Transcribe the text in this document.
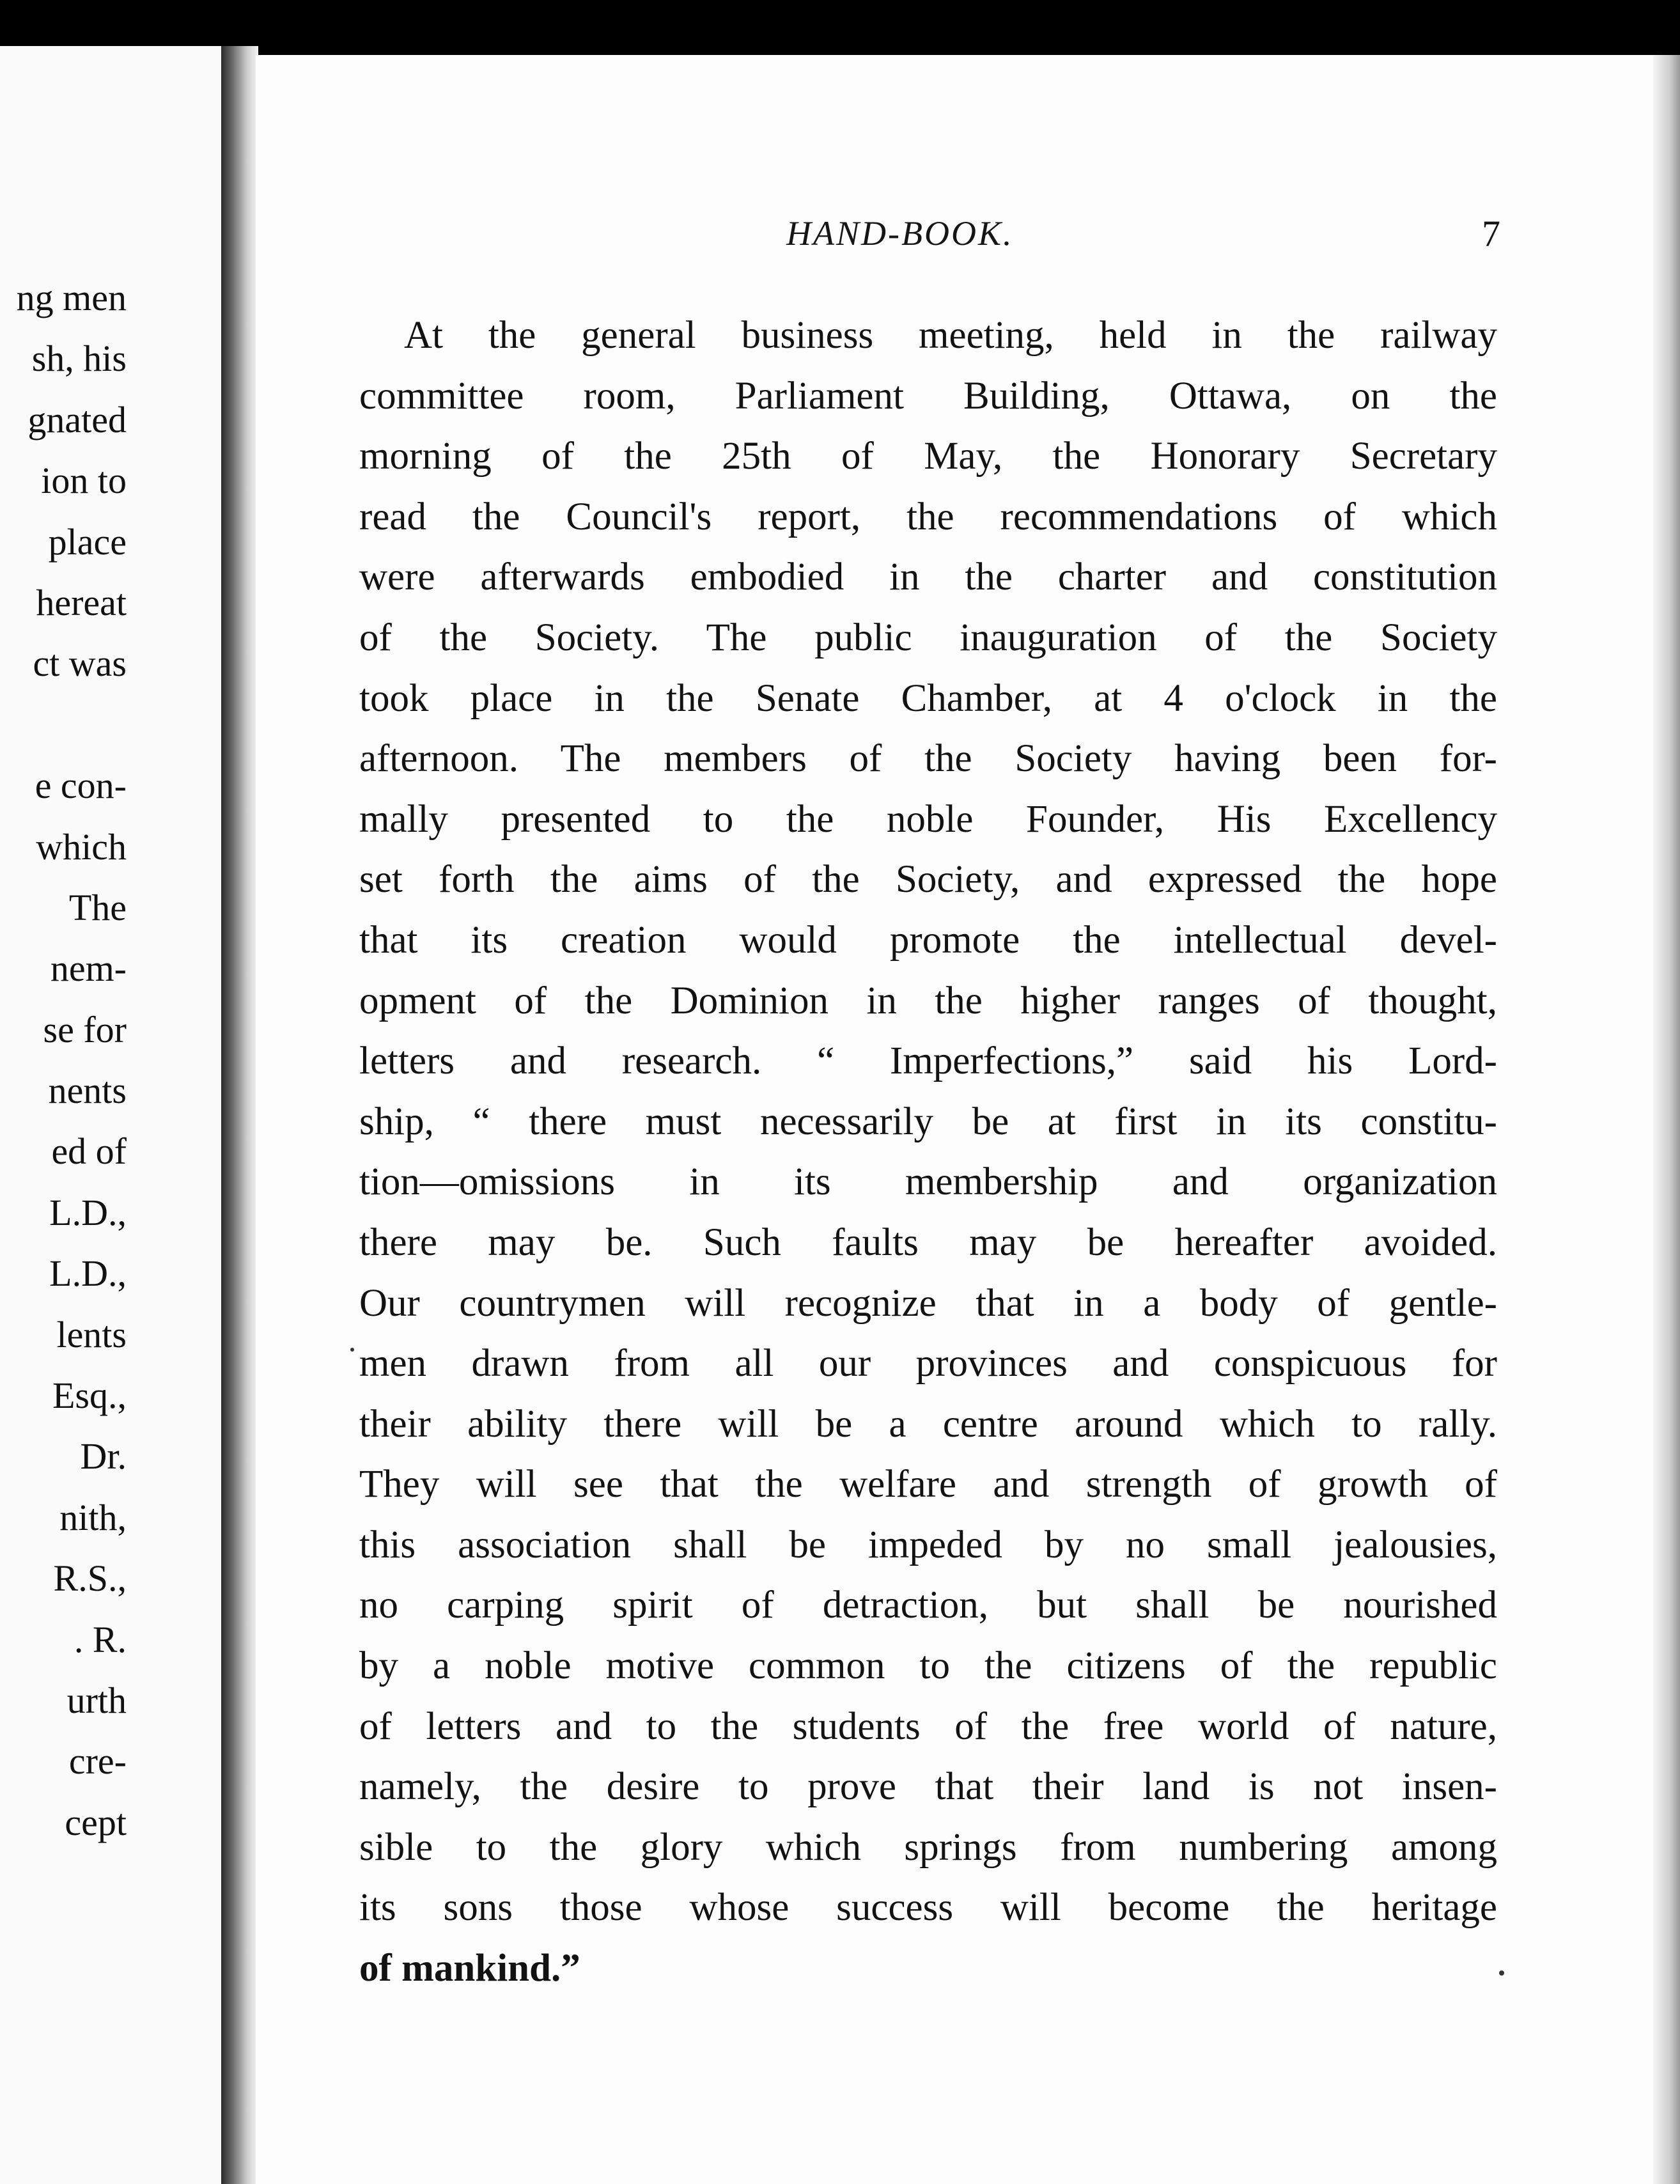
ng men
sh, his
gnated
ion to
place
hereat
ct was
e con-
which
The
nem-
se for
nents
ed of
L.D.,
L.D.,
lents
Esq.,
Dr.
nith,
R.S.,
. R.
urth
cre-
cept
HAND-BOOK.	7
At the general business meeting, held in the railway
committee room, Parliament Building, Ottawa, on the
morning of the 25th of May, the Honorary Secretary
read the Council's report, the recommendations of which
were afterwards embodied in the charter and constitution
of the Society. The public inauguration of the Society
took place in the Senate Chamber, at 4 o'clock in the
afternoon. The members of the Society having been for-
mally presented to the noble Founder, His Excellency
set forth the aims of the Society, and expressed the hope
that its creation would promote the intellectual devel-
opment of the Dominion in the higher ranges of thought,
letters and research. “ Imperfections,” said his Lord-
ship, “ there must necessarily be at first in its constitu-
tion—omissions in its membership and organization
there may be. Such faults may be hereafter avoided.
Our countrymen will recognize that in a body of gentle-
men drawn from all our provinces and conspicuous for
their ability there will be a centre around which to rally.
They will see that the welfare and strength of growth of
this association shall be impeded by no small jealousies,
no carping spirit of detraction, but shall be nourished
by a noble motive common to the citizens of the republic
of letters and to the students of the free world of nature,
namely, the desire to prove that their land is not insen-
sible to the glory which springs from numbering among
its sons those whose success will become the heritage
of mankind.”
